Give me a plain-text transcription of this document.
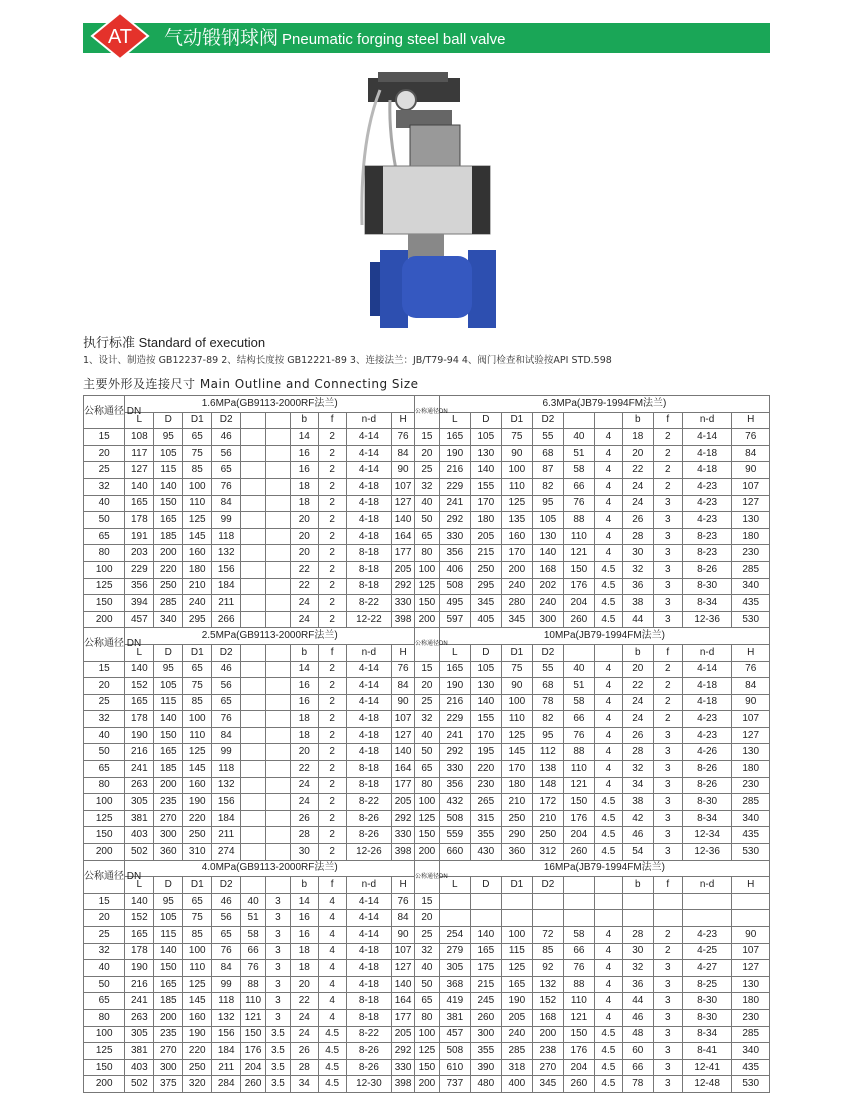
AT 气动锻钢球阀 Pneumatic forging steel ball valve
执行标准 Standard of execution
1、设计、制造按 GB12237-89 2、结构长度按 GB12221-89 3、连接法兰：JB/T79-94 4、阀门检查和试验按API STD.598
主要外形及连接尺寸 Main Outline and Connecting Size
公称通径 DN	1.6MPa(GB9113-2000RF法兰)										公称通径DN	6.3MPa(JB79-1994FM法兰)									
	L	D	D1	D2			b	f	n-d	H		L	D	D1	D2			b	f	n-d	H
15	108	95	65	46			14	2	4-14	76	15	165	105	75	55	40	4	18	2	4-14	76
20	117	105	75	56			16	2	4-14	84	20	190	130	90	68	51	4	20	2	4-18	84
25	127	115	85	65			16	2	4-14	90	25	216	140	100	87	58	4	22	2	4-18	90
32	140	140	100	76			18	2	4-18	107	32	229	155	110	82	66	4	24	2	4-23	107
40	165	150	110	84			18	2	4-18	127	40	241	170	125	95	76	4	24	3	4-23	127
50	178	165	125	99			20	2	4-18	140	50	292	180	135	105	88	4	26	3	4-23	130
65	191	185	145	118			20	2	4-18	164	65	330	205	160	130	110	4	28	3	8-23	180
80	203	200	160	132			20	2	8-18	177	80	356	215	170	140	121	4	30	3	8-23	230
100	229	220	180	156			22	2	8-18	205	100	406	250	200	168	150	4.5	32	3	8-26	285
125	356	250	210	184			22	2	8-18	292	125	508	295	240	202	176	4.5	36	3	8-30	340
150	394	285	240	211			24	2	8-22	330	150	495	345	280	240	204	4.5	38	3	8-34	435
200	457	340	295	266			24	2	12-22	398	200	597	405	345	300	260	4.5	44	3	12-36	530
公称通径 DN	2.5MPa(GB9113-2000RF法兰)										公称通径DN	10MPa(JB79-1994FM法兰)									
	L	D	D1	D2			b	f	n-d	H		L	D	D1	D2			b	f	n-d	H
15	140	95	65	46			14	2	4-14	76	15	165	105	75	55	40	4	20	2	4-14	76
20	152	105	75	56			16	2	4-14	84	20	190	130	90	68	51	4	22	2	4-18	84
25	165	115	85	65			16	2	4-14	90	25	216	140	100	78	58	4	24	2	4-18	90
32	178	140	100	76			18	2	4-18	107	32	229	155	110	82	66	4	24	2	4-23	107
40	190	150	110	84			18	2	4-18	127	40	241	170	125	95	76	4	26	3	4-23	127
50	216	165	125	99			20	2	4-18	140	50	292	195	145	112	88	4	28	3	4-26	130
65	241	185	145	118			22	2	8-18	164	65	330	220	170	138	110	4	32	3	8-26	180
80	263	200	160	132			24	2	8-18	177	80	356	230	180	148	121	4	34	3	8-26	230
100	305	235	190	156			24	2	8-22	205	100	432	265	210	172	150	4.5	38	3	8-30	285
125	381	270	220	184			26	2	8-26	292	125	508	315	250	210	176	4.5	42	3	8-34	340
150	403	300	250	211			28	2	8-26	330	150	559	355	290	250	204	4.5	46	3	12-34	435
200	502	360	310	274			30	2	12-26	398	200	660	430	360	312	260	4.5	54	3	12-36	530
公称通径 DN	4.0MPa(GB9113-2000RF法兰)										公称通径DN	16MPa(JB79-1994FM法兰)									
	L	D	D1	D2			b	f	n-d	H		L	D	D1	D2			b	f	n-d	H
15	140	95	65	46	40	3	14	4	4-14	76	15										
20	152	105	75	56	51	3	16	4	4-14	84	20										
25	165	115	85	65	58	3	16	4	4-14	90	25	254	140	100	72	58	4	28	2	4-23	90
32	178	140	100	76	66	3	18	4	4-18	107	32	279	165	115	85	66	4	30	2	4-25	107
40	190	150	110	84	76	3	18	4	4-18	127	40	305	175	125	92	76	4	32	3	4-27	127
50	216	165	125	99	88	3	20	4	4-18	140	50	368	215	165	132	88	4	36	3	8-25	130
65	241	185	145	118	110	3	22	4	8-18	164	65	419	245	190	152	110	4	44	3	8-30	180
80	263	200	160	132	121	3	24	4	8-18	177	80	381	260	205	168	121	4	46	3	8-30	230
100	305	235	190	156	150	3.5	24	4.5	8-22	205	100	457	300	240	200	150	4.5	48	3	8-34	285
125	381	270	220	184	176	3.5	26	4.5	8-26	292	125	508	355	285	238	176	4.5	60	3	8-41	340
150	403	300	250	211	204	3.5	28	4.5	8-26	330	150	610	390	318	270	204	4.5	66	3	12-41	435
200	502	375	320	284	260	3.5	34	4.5	12-30	398	200	737	480	400	345	260	4.5	78	3	12-48	530
